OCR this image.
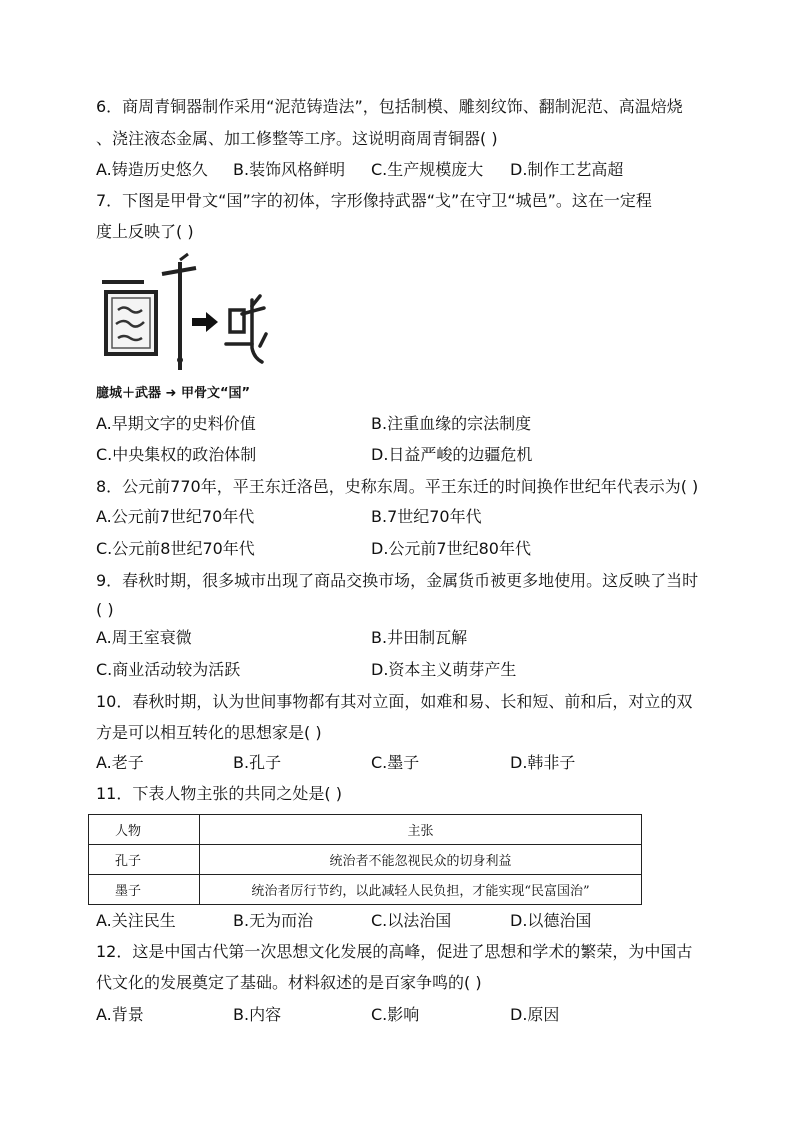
6．商周青铜器制作采用“泥范铸造法”，包括制模、雕刻纹饰、翻制泥范、高温焙烧
、浇注液态金属、加工修整等工序。这说明商周青铜器( )
A.铸造历史悠久 B.装饰风格鲜明 C.生产规模庞大 D.制作工艺高超
7．下图是甲骨文“国”字的初体，字形像持武器“戈”在守卫“城邑”。这在一定程
度上反映了( )
臆城＋武器 ➜ 甲骨文“国”
A.早期文字的史料价值	B.注重血缘的宗法制度
C.中央集权的政治体制	D.日益严峻的边疆危机
8．公元前770年，平王东迁洛邑，史称东周。平王东迁的时间换作世纪年代表示为( )
A.公元前7世纪70年代	B.7世纪70年代
C.公元前8世纪70年代	D.公元前7世纪80年代
9．春秋时期，很多城市出现了商品交换市场，金属货币被更多地使用。这反映了当时
( )
A.周王室衰微	B.井田制瓦解
C.商业活动较为活跃	D.资本主义萌芽产生
10．春秋时期，认为世间事物都有其对立面，如难和易、长和短、前和后，对立的双
方是可以相互转化的思想家是( )
A.老子	B.孔子	C.墨子	D.韩非子
11．下表人物主张的共同之处是( )
人物	主张
孔子	统治者不能忽视民众的切身利益
墨子	统治者厉行节约，以此减轻人民负担，才能实现“民富国治”
A.关注民生	B.无为而治	C.以法治国	D.以德治国
12．这是中国古代第一次思想文化发展的高峰，促进了思想和学术的繁荣，为中国古
代文化的发展奠定了基础。材料叙述的是百家争鸣的( )
A.背景	B.内容	C.影响	D.原因
